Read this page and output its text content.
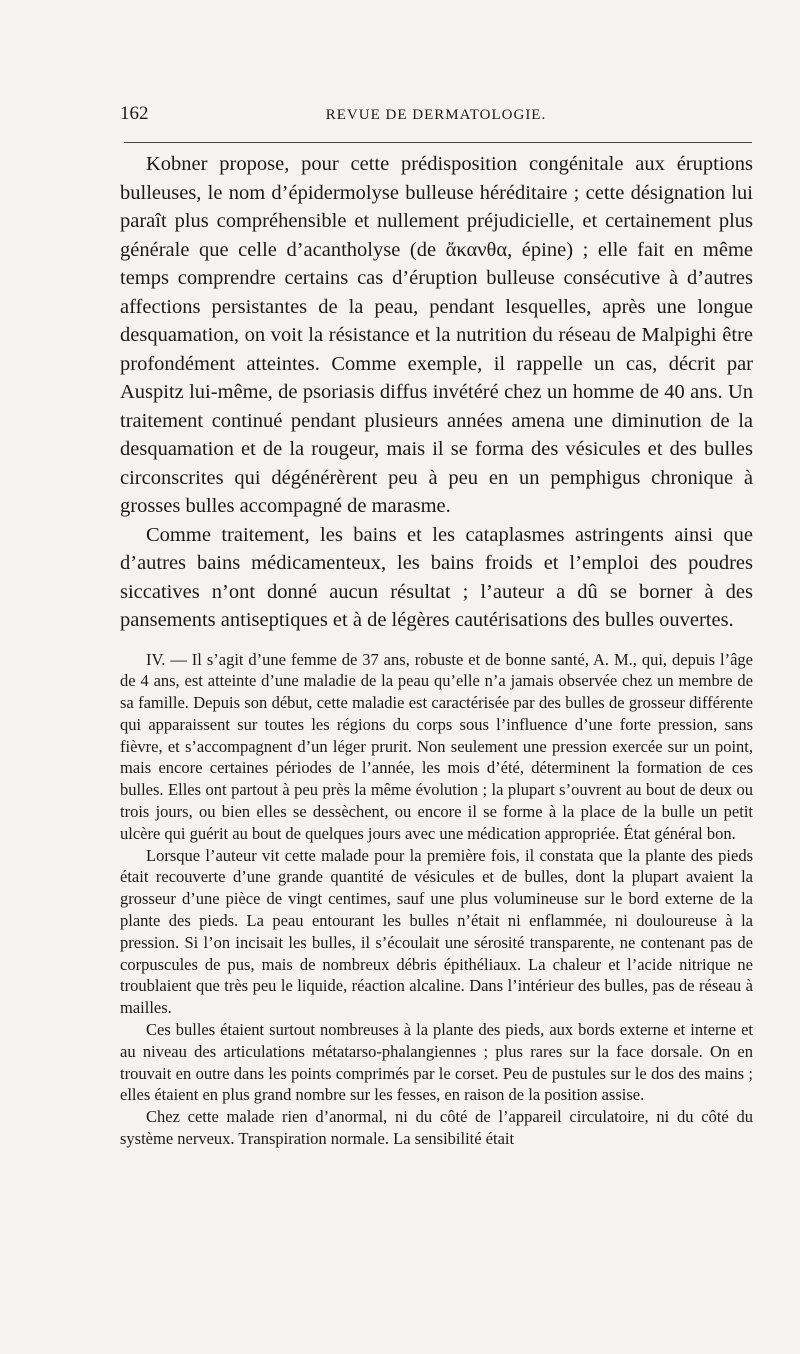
162	REVUE DE DERMATOLOGIE.

Kobner propose, pour cette prédisposition congénitale aux éruptions bulleuses, le nom d’épidermolyse bulleuse héréditaire ; cette désignation lui paraît plus compréhensible et nullement préjudicielle, et certainement plus générale que celle d’acantholyse (de ἄκανθα, épine) ; elle fait en même temps comprendre certains cas d’éruption bulleuse consécutive à d’autres affections persistantes de la peau, pendant lesquelles, après une longue desquamation, on voit la résistance et la nutrition du réseau de Malpighi être profondément atteintes. Comme exemple, il rappelle un cas, décrit par Auspitz lui-même, de psoriasis diffus invétéré chez un homme de 40 ans. Un traitement continué pendant plusieurs années amena une diminution de la desquamation et de la rougeur, mais il se forma des vésicules et des bulles circonscrites qui dégénérèrent peu à peu en un pemphigus chronique à grosses bulles accompagné de marasme.

Comme traitement, les bains et les cataplasmes astringents ainsi que d’autres bains médicamenteux, les bains froids et l’emploi des poudres siccatives n’ont donné aucun résultat ; l’auteur a dû se borner à des pansements antiseptiques et à de légères cautérisations des bulles ouvertes.

IV. — Il s’agit d’une femme de 37 ans, robuste et de bonne santé, A. M., qui, depuis l’âge de 4 ans, est atteinte d’une maladie de la peau qu’elle n’a jamais observée chez un membre de sa famille. Depuis son début, cette maladie est caractérisée par des bulles de grosseur différente qui apparaissent sur toutes les régions du corps sous l’influence d’une forte pression, sans fièvre, et s’accompagnent d’un léger prurit. Non seulement une pression exercée sur un point, mais encore certaines périodes de l’année, les mois d’été, déterminent la formation de ces bulles. Elles ont partout à peu près la même évolution ; la plupart s’ouvrent au bout de deux ou trois jours, ou bien elles se dessèchent, ou encore il se forme à la place de la bulle un petit ulcère qui guérit au bout de quelques jours avec une médication appropriée. État général bon.

Lorsque l’auteur vit cette malade pour la première fois, il constata que la plante des pieds était recouverte d’une grande quantité de vésicules et de bulles, dont la plupart avaient la grosseur d’une pièce de vingt centimes, sauf une plus volumineuse sur le bord externe de la plante des pieds. La peau entourant les bulles n’était ni enflammée, ni douloureuse à la pression. Si l’on incisait les bulles, il s’écoulait une sérosité transparente, ne contenant pas de corpuscules de pus, mais de nombreux débris épithéliaux. La chaleur et l’acide nitrique ne troublaient que très peu le liquide, réaction alcaline. Dans l’intérieur des bulles, pas de réseau à mailles.

Ces bulles étaient surtout nombreuses à la plante des pieds, aux bords externe et interne et au niveau des articulations métatarso-phalangiennes ; plus rares sur la face dorsale. On en trouvait en outre dans les points comprimés par le corset. Peu de pustules sur le dos des mains ; elles étaient en plus grand nombre sur les fesses, en raison de la position assise.

Chez cette malade rien d’anormal, ni du côté de l’appareil circulatoire, ni du côté du système nerveux. Transpiration normale. La sensibilité était
